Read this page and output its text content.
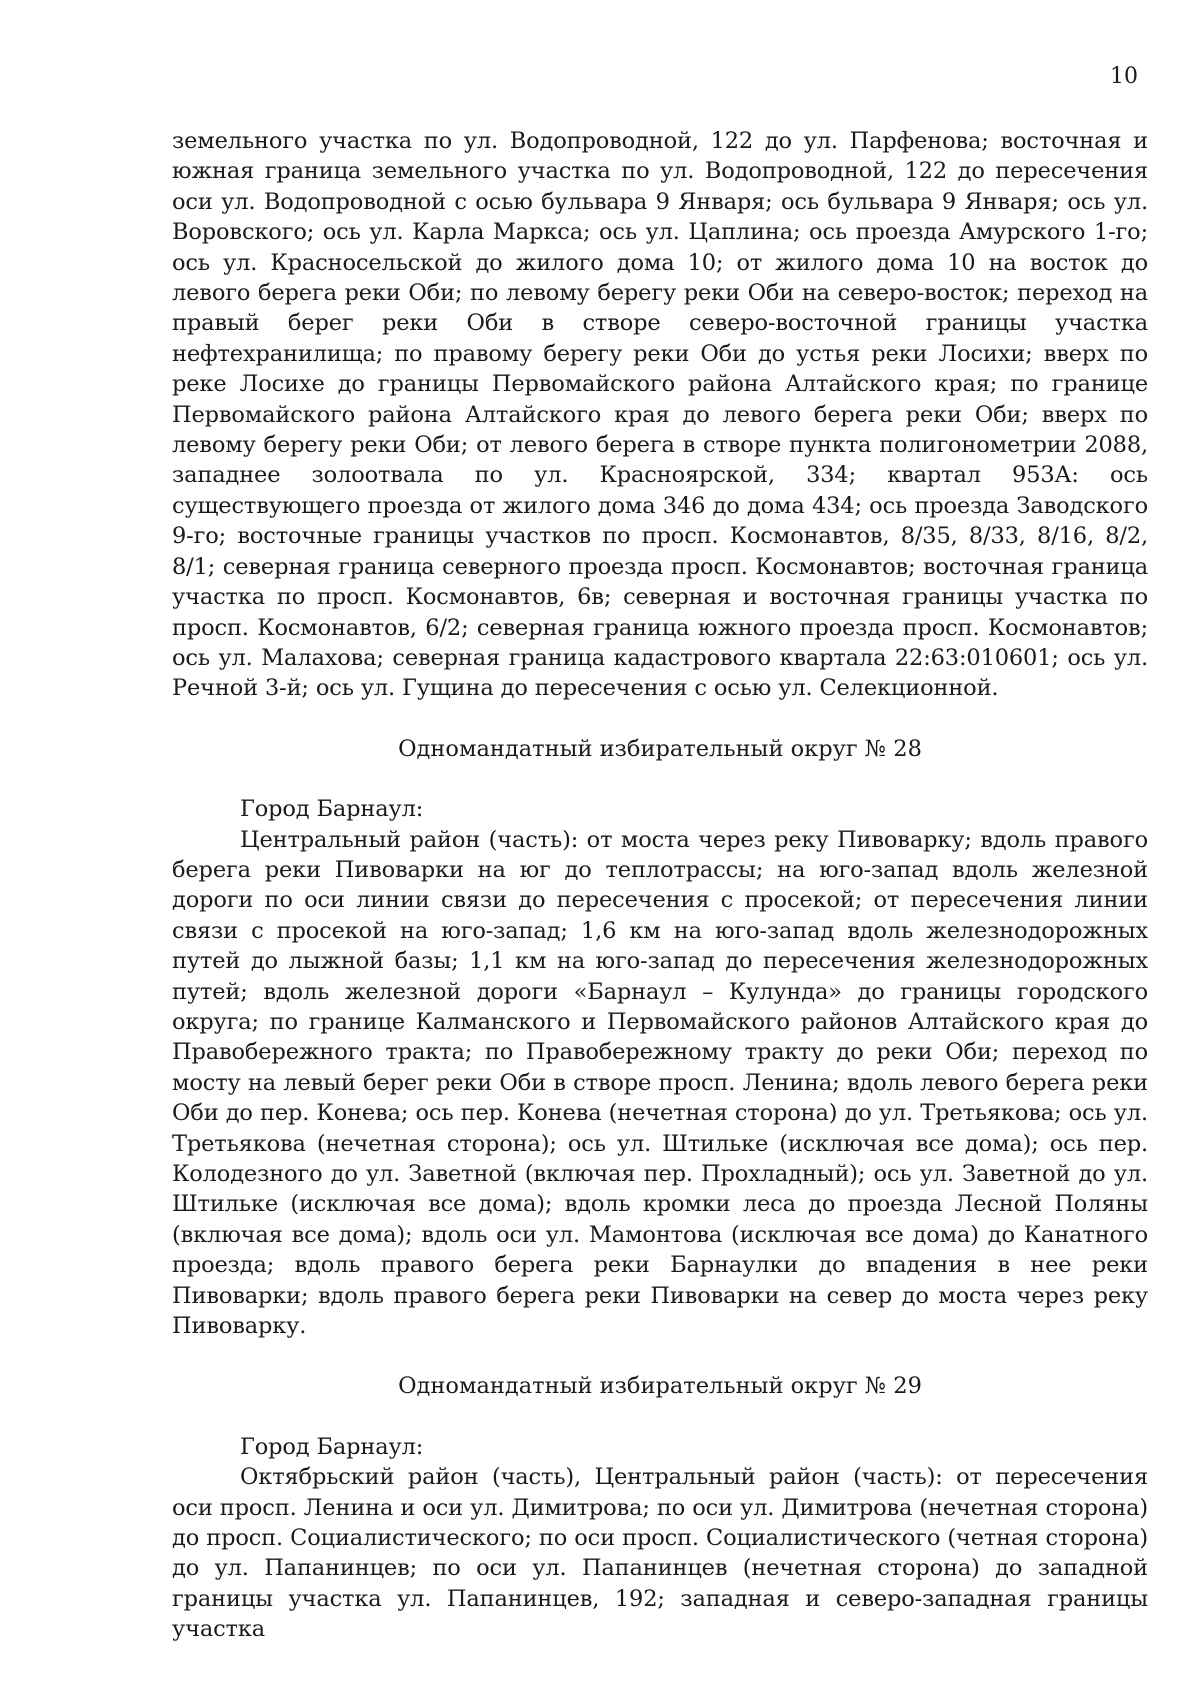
10

земельного участка по ул. Водопроводной, 122 до ул. Парфенова; восточная и южная граница земельного участка по ул. Водопроводной, 122 до пересечения оси ул. Водопроводной с осью бульвара 9 Января; ось бульвара 9 Января; ось ул. Воровского; ось ул. Карла Маркса; ось ул. Цаплина; ось проезда Амурского 1-го; ось ул. Красносельской до жилого дома 10; от жилого дома 10 на восток до левого берега реки Оби; по левому берегу реки Оби на северо-восток; переход на правый берег реки Оби в створе северо-восточной границы участка нефтехранилища; по правому берегу реки Оби до устья реки Лосихи; вверх по реке Лосихе до границы Первомайского района Алтайского края; по границе Первомайского района Алтайского края до левого берега реки Оби; вверх по левому берегу реки Оби; от левого берега в створе пункта полигонометрии 2088, западнее золоотвала по ул. Красноярской, 334; квартал 953А: ось существующего проезда от жилого дома 346 до дома 434; ось проезда Заводского 9-го; восточные границы участков по просп. Космонавтов, 8/35, 8/33, 8/16, 8/2, 8/1; северная граница северного проезда просп. Космонавтов; восточная граница участка по просп. Космонавтов, 6в; северная и восточная границы участка по просп. Космонавтов, 6/2; северная граница южного проезда просп. Космонавтов; ось ул. Малахова; северная граница кадастрового квартала 22:63:010601; ось ул. Речной 3-й; ось ул. Гущина до пересечения с осью ул. Селекционной.

Одномандатный избирательный округ № 28

Город Барнаул:

Центральный район (часть): от моста через реку Пивоварку; вдоль правого берега реки Пивоварки на юг до теплотрассы; на юго-запад вдоль железной дороги по оси линии связи до пересечения с просекой; от пересечения линии связи с просекой на юго-запад; 1,6 км на юго-запад вдоль железнодорожных путей до лыжной базы; 1,1 км на юго-запад до пересечения железнодорожных путей; вдоль железной дороги «Барнаул – Кулунда» до границы городского округа; по границе Калманского и Первомайского районов Алтайского края до Правобережного тракта; по Правобережному тракту до реки Оби; переход по мосту на левый берег реки Оби в створе просп. Ленина; вдоль левого берега реки Оби до пер. Конева; ось пер. Конева (нечетная сторона) до ул. Третьякова; ось ул. Третьякова (нечетная сторона); ось ул. Штильке (исключая все дома); ось пер. Колодезного до ул. Заветной (включая пер. Прохладный); ось ул. Заветной до ул. Штильке (исключая все дома); вдоль кромки леса до проезда Лесной Поляны (включая все дома); вдоль оси ул. Мамонтова (исключая все дома) до Канатного проезда; вдоль правого берега реки Барнаулки до впадения в нее реки Пивоварки; вдоль правого берега реки Пивоварки на север до моста через реку Пивоварку.

Одномандатный избирательный округ № 29

Город Барнаул:

Октябрьский район (часть), Центральный район (часть): от пересечения оси просп. Ленина и оси ул. Димитрова; по оси ул. Димитрова (нечетная сторона) до просп. Социалистического; по оси просп. Социалистического (четная сторона) до ул. Папанинцев; по оси ул. Папанинцев (нечетная сторона) до западной границы участка ул. Папанинцев, 192; западная и северо-западная границы участка
